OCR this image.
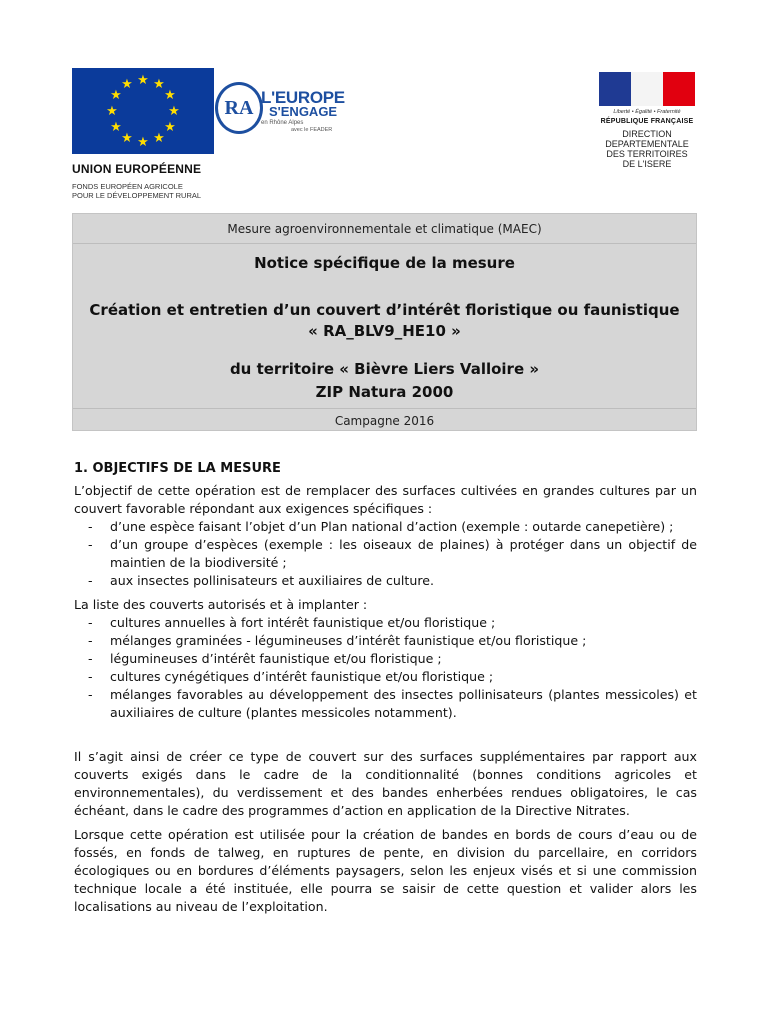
★ ★
★
★
★
★
★
★
★
★
★
★
UNION EUROPÉENNE
FONDS EUROPÉEN AGRICOLE
POUR LE DÉVELOPPEMENT RURAL
RA L'EUROPE
S'ENGAGE
en Rhône Alpes
avec le FEADER
Liberté • Égalité • Fraternité
RÉPUBLIQUE FRANÇAISE
DIRECTION
DEPARTEMENTALE
DES TERRITOIRES
DE L'ISERE
Mesure agroenvironnementale et climatique (MAEC)
Notice spécifique de la mesure
Création et entretien d’un couvert d’intérêt floristique ou faunistique
« RA_BLV9_HE10 »
du territoire « Bièvre Liers Valloire »
ZIP Natura 2000
Campagne 2016
1. OBJECTIFS DE LA MESURE

L’objectif de cette opération est de remplacer des surfaces cultivées en grandes cultures par un couvert favorable répondant aux exigences spécifiques :

- d’une espèce faisant l’objet d’un Plan national d’action (exemple : outarde canepetière) ;
- d’un groupe d’espèces (exemple : les oiseaux de plaines) à protéger dans un objectif de maintien de la biodiversité ;
- aux insectes pollinisateurs et auxiliaires de culture.

La liste des couverts autorisés et à implanter :

- cultures annuelles à fort intérêt faunistique et/ou floristique ;
- mélanges graminées - légumineuses d’intérêt faunistique et/ou floristique ;
- légumineuses d’intérêt faunistique et/ou floristique ;
- cultures cynégétiques d’intérêt faunistique et/ou floristique ;
- mélanges favorables au développement des insectes pollinisateurs (plantes messicoles) et auxiliaires de culture (plantes messicoles notamment).

Il s’agit ainsi de créer ce type de couvert sur des surfaces supplémentaires par rapport aux couverts exigés dans le cadre de la conditionnalité (bonnes conditions agricoles et environnementales), du verdissement et des bandes enherbées rendues obligatoires, le cas échéant, dans le cadre des programmes d’action en application de la Directive Nitrates.

Lorsque cette opération est utilisée pour la création de bandes en bords de cours d’eau ou de fossés, en fonds de talweg, en ruptures de pente, en division du parcellaire, en corridors écologiques ou en bordures d’éléments paysagers, selon les enjeux visés et si une commission technique locale a été instituée, elle pourra se saisir de cette question et valider alors les localisations au niveau de l’exploitation.
